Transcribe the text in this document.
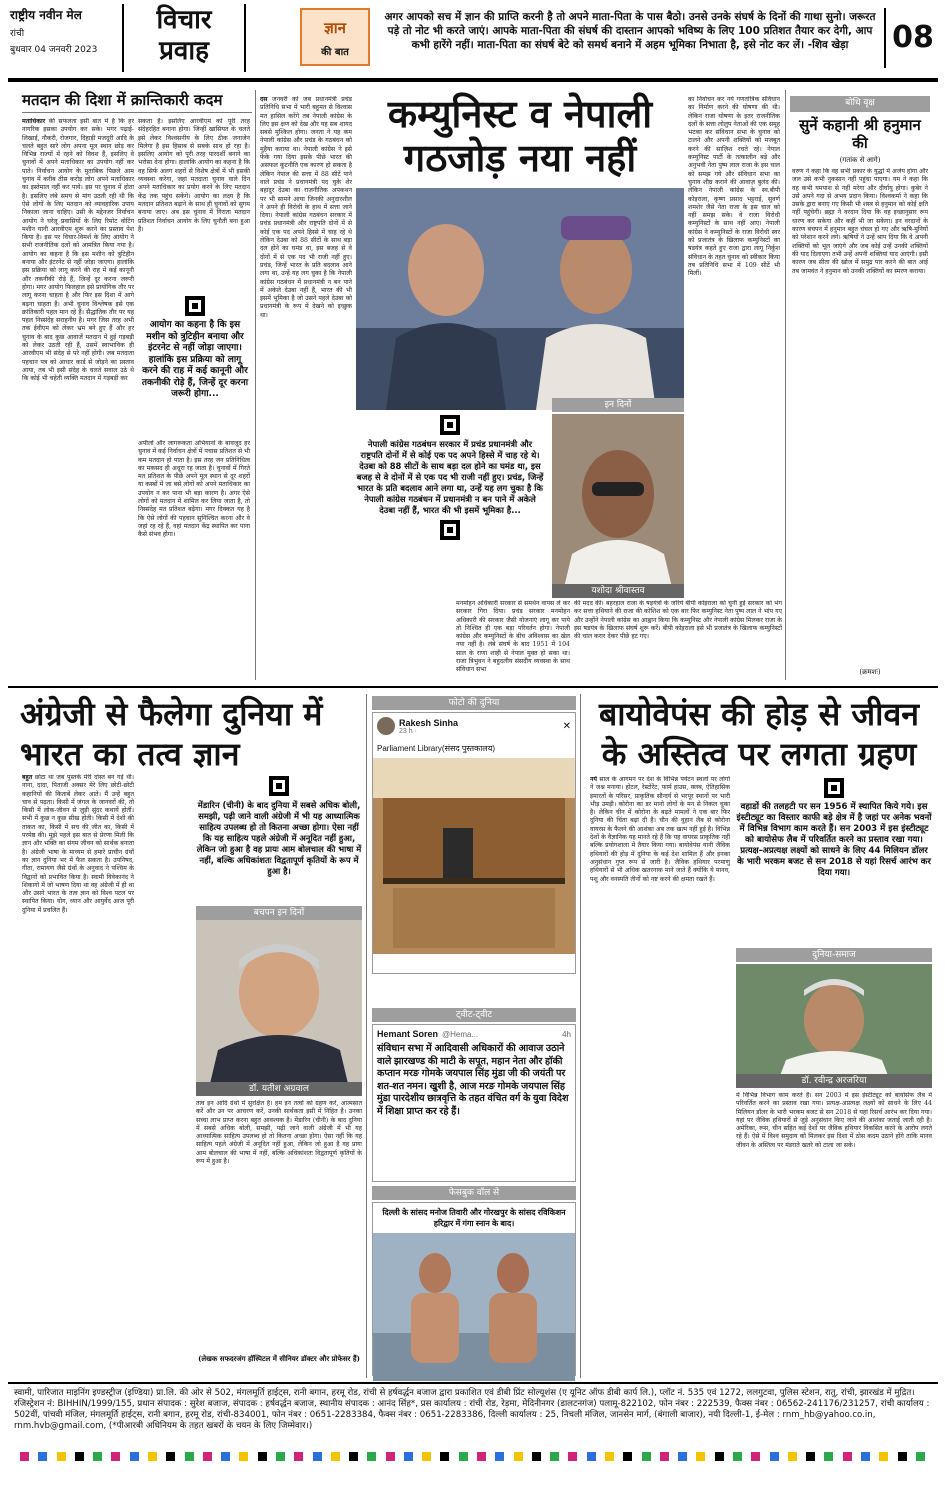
राष्ट्रीय नवीन मेल
रांची
बुधवार 04 जनवरी 2023
विचार
प्रवाह
ज्ञान
की बात
अगर आपको सच में ज्ञान की प्राप्ति करनी है तो अपने माता-पिता के पास बैठो। उनसे उनके संघर्ष के दिनों की गाथा सुनो। जरूरत पड़े तो नोट भी करते जाएं। आपके माता-पिता की संघर्ष की दास्तान आपको भविष्य के लिए 100 प्रतिशत तैयार कर देगी, आप कभी हारेंगे नहीं। माता-पिता का संघर्ष बेटे को समर्थ बनाने में अहम भूमिका निभाता है, इसे नोट कर लें। -शिव खेड़ा	08
मतदान की दिशा में क्रान्तिकारी कदम
मताधिकार की सफलता इसी बात में है कि हर नागरिक इसका उपयोग कर सके। मगर पढ़ाई-लिखाई, नौकरी, रोजगार, दिहाड़ी मजदूरी आदि के चलते बहुत सारे लोग अपना मूल स्थान छोड़ कर विभिन्न राज्यों में रहने को विवश हैं, इसलिए वे चुनावों में अपने मताधिकार का उपयोग नहीं कर पाते। निर्वाचन आयोग के मुताबिक पिछले आम चुनाव में करीब तीस करोड़ लोग अपने मताधिकार का इस्तेमाल नहीं कर पाये। इस पर चुनाव में होता है। इसलिए लंबे समय से मांग उठती रही थी कि ऐसे लोगों के लिए मतदान को व्यावहारिक उपाय निकाला जाना चाहिए। उसी के मद्देनजर निर्वाचन आयोग ने घरेलू प्रवासियों के लिए रिमोट वोटिंग मशीन यानी आरवीएम शुरू करने का प्रस्ताव पेश किया है। इस पर विचार-विमर्श के लिए आयोग ने सभी राजनीतिक दलों को आमंत्रित किया गया है। आयोग का कहना है कि इस मशीन को त्रुटिहीन बनाया और इंटरनेट से नहीं जोड़ा जाएगा। हालांकि इस प्रक्रिया को लागू करने की राह में कई कानूनी और तकनीकी रोड़े हैं, जिन्हें दूर करना जरूरी होगा। मगर आयोग फिलहाल इसे प्रायोगिक तौर पर लागू करना चाहता है और फिर इस दिशा में आगे बढ़ना चाहता है। अभी चुनाव विश्लेषक इसे एक क्रांतिकारी पहल मान रहे हैं। सैद्धांतिक तौर पर यह पहल निस्संदेह सराहनीय है। मगर जिस तरह अभी तक ईवीएम को लेकर भ्रम बने हुए हैं और हर चुनाव के बाद कुछ आवाजें मतदान में हुई गड़बड़ी को लेकर उठती रही हैं, उसमें स्वाभाविक ही आरवीएम भी संदेह से परे नहीं होगी। जब मतदाता पहचान पत्र को आधार कार्ड से जोड़ने का प्रस्ताव आया, तब भी इसी संदेह के चलते सवाल उठे थे कि कोई भी चहेती व्यक्ति मतदान में गड़बड़ी कर
सकता है। इसलिए आरवीएम को पूरी तरह संदेहरहित बनाना होगा। जिन्हीं खासियत के चलते इसे लेकर विश्वसनीय के लिए ठीक जनाजेन मिलेगा है इस हिसाब से सबके साथ हो रहा है। इसलिए आयोग को पूरी तरह पारदर्शी बनाने का भरोसा देना होगा। हालांकि आयोग का कहना है कि वह सिर्फ अलग शहरों से विशेष क्षेत्रों में भी इसकी व्यवस्था करेगा, जहां मतदाता चुनाव वाले दिन अपने मताधिकार का प्रयोग करने के लिए मतदान केंद्र तक पहुंच सकेंगे। आयोग का लक्ष्य है कि मतदान प्रतिशत बढ़ाने के साथ ही चुनावों को सुगम बनाया जाए। अब इस चुनाव में गिराता मतदान प्रतिशत निर्वाचन आयोग के लिए चुनौती बना हुआ है।
आयोग का कहना है कि इस मशीन को त्रुटिहीन बनाया और इंटरनेट से नहीं जोड़ा जाएगा। हालांकि इस प्रक्रिया को लागू करने की राह में कई कानूनी और तकनीकी रोड़े हैं, जिन्हें दूर करना जरूरी होगा...
अपीलों और जागरूकता अभियानों के बावजूद हर चुनाव में कई निर्वाचन क्षेत्रों में पचास प्रतिशत से भी कम मतदान हो पाता है। इस तरह जन प्रतिनिधित्व का मकसद ही अधूरा रह जाता है। चुनावों में गिरते मत प्रतिशत के पीछे अपने मूल स्थान से दूर शहरों या कस्बों में जा बसे लोगों को अपने मताधिकार का उपयोग न कर पाना भी बड़ा कारण है। अगर ऐसे लोगों को मतदान में शामिल कर लिया जाता है, तो निस्संदेह मत प्रतिशत बढ़ेगा। मगर दिक्कत यह है कि ऐसे लोगों की पहचान सुनिश्चित करना और वे जहां रह रहे हैं, वहां मतदान केंद्र स्थापित कर पाना कैसे संभव होगा।
दस जनवरी को जब प्रधानमंत्री प्रचंड प्रतिनिधि सभा में भारी बहुमत से विश्वास मत हासिल करेंगे तब नेपाली कांग्रेस के लिए इस क्षण को देख और यह सब शायद सबसे मुश्किल होगा। जनता ने यह कम नेपाली कांग्रेस और प्रचंड के गठबंधन को मुहैया कराया था। नेपाली कांग्रेस ने इसे फेंके गया दिया इसके पीछे भारत की असफल कूटनीति एक कारण हो सकता है लेकिन नेपाल की सत्ता में 88 सीटें पाने वाले प्रचंड ने प्रधानमंत्री पद चुके शेर बहादुर देउबा का राजनीतिक अपकथन पर भी सामने आया जिनकी अनुदारशील ने अपने ही विरोधी के हाथ में सत्ता जाने दिया। नेपाली कांग्रेस गठबंधन सरकार में प्रचंड प्रधानमंत्री और राष्ट्रपति दोनों में से कोई एक पद अपने हिस्से में चाह रहे थे लेकिन देउबा को 88 सीटों के साथ बड़ा दल होने का घमंड था, इस बजह से वे दोनों में से एक पद भी राजी नहीं हुए। प्रचंड, जिन्हें भारत के प्रति बदलाव आने लगा था, उन्हें यह लग चुका है कि नेपाली कांग्रेस गठबंधन में प्रधानमंत्री न बन पाने में अकेले देउबा नहीं हैं, भारत की भी इसमें भूमिका है जो उसने पहले देउबा को प्रधानमंत्री के रूप में देखने को इच्छुक था।
कम्युनिस्ट व नेपाली
गठजोड़ नया नहीं
नेपाली कांग्रेस गठबंधन सरकार में प्रचंड प्रधानमंत्री और राष्ट्रपति दोनों में से कोई एक पद अपने हिस्से में चाह रहे थे। देउबा को 88 सीटों के साथ बड़ा दल होने का घमंड था, इस बजह से वे दोनों में से एक पद भी राजी नहीं हुए। प्रचंड, जिन्हें भारत के प्रति बदलाव आने लगा था, उन्हें यह लग चुका है कि नेपाली कांग्रेस गठबंधन में प्रधानमंत्री न बन पाने में अकेले देउबा नहीं हैं, भारत की भी इसमें भूमिका है...
इन दिनों
यशोदा श्रीवास्तव
मनमोहन अधिकारी सरकार से समर्थन वापस ले कर सरकार गिरा दिया। प्रचंड सरकार मनमोहन अधिकारी की सरकार जैसी योजनाएं लागू कर पाये तो निश्चित ही एक बड़ा परिवर्तन होगा। नेपाली कांग्रेस और कम्युनिस्टों के बीच अविश्वास का खेल नया नहीं है। लंबे संघर्ष के बाद 1951 में 104 साल के राणा शाही से नेपाल मुक्त हो सका था। राजा त्रिभुवन ने बहुदलीय संसदीय व्यवस्था के साथ संविधान सभा
की मदद की। बहरहाल राजा के षड़यंत्रों के जरिये बीपी कोइराला को चुनी हुई सरकार को भंग कर सत्ता हथियाने की राजा की कोशिश को एक बार फिर कम्युनिस्ट नेता पुष्प लाल ने भांप गए और उन्होंने नेपाली कांग्रेस का आह्वान किया कि कम्युनिस्ट और नेपाली कांग्रेस मिलकर राजा के इस षडयंत्र के खिलाफ संघर्ष शुरू करें। बीपी कोइराला इसे भी प्रजातंत्र के खिलाफ कम्युनिस्टों की चाल करार देकर पीछे हट गए।
का निर्वाचन कर नये गणतांत्रिक संविधान का निर्माण करने की घोषणा की थी। लेकिन राजा घोषणा के इतर राजनीतिक दलों के सत्ता लोलुप नेताओं की एक समूह भटका कर संविधान सभा के चुनाव को टालने और अपनी शक्तियों को मजबूत करने की साज़िश रचते रहे। नेपाल कम्युनिस्ट पार्टी के तत्कालीन बड़े और अनुभवी नेता पुष्प लाल राजा के इस चाल को समझ गये और संविधान सभा का चुनाव शीघ्र कराने की आवाज़ बुलंद की। लेकिन नेपाली कांग्रेस के स्व.बीपी कोइराला, कृष्ण प्रसाद भट्टराई, सुवर्ण शमशेर जैसे नेता राजा के इस चाल को नहीं समझ सके। वे राजा विरोधी कम्युनिस्टों के साथ नहीं आए। नेपाली कांग्रेस ने कम्युनिस्टों के राजा विरोधी स्वर को प्रजातंत्र के खिलाफ कम्युनिस्टों का षडयंत्र कहते हुए राजा द्वारा लागू निर्कुश संविधान के तहत चुनाव को स्वीकार किया तब प्रतिनिधि सभा में 109 सीटें भी मिलीं।
बोधि वृक्ष
सुनें कहानी श्री हनुमान की
(गतांक से आगे)
वरुण ने कहा कि वह सभी प्रकार के युद्धों में अजेय होगा और जल उसे कभी नुकसान नहीं पहुंचा पाएगा। यम ने कहा कि वह कभी यमपाश से नहीं मरेगा और दीर्घायु होगा। कुबेर ने उसे अपने गदा से अभय प्रदान किया। विश्वकर्मा ने कहा कि उसके द्वारा बनाए गए किसी भी शस्त्र से हनुमान को कोई क्षति नहीं पहुंचेगी। ब्रह्मा ने वरदान दिया कि वह इच्छानुसार रूप धारण कर सकेगा और कहीं भी जा सकेगा। इन वरदानों के कारण बचपन में हनुमान बहुत चंचल हो गए और ऋषि-मुनियों को परेशान करने लगे। ऋषियों ने उन्हें श्राप दिया कि वे अपनी शक्तियों को भूल जाएंगे और जब कोई उन्हें उनकी शक्तियों की याद दिलाएगा तभी उन्हें अपनी शक्तियां याद आएंगी। इसी कारण जब सीता की खोज में समुद्र पार करने की बात आई तब जामवंत ने हनुमान को उनकी शक्तियों का स्मरण कराया।
(क्रमशः)
अंग्रेजी से फैलेगा दुनिया में
भारत का तत्व ज्ञान
बहुत छोटा था जब पुस्तकें मेरी दोस्त बन गई थीं। नाना, दादा, पिताजी अक्सर मेरे लिए छोटी-छोटी कहानियों की किताबें लेकर आते। मैं उन्हें बहुत चाव से पढ़ता। किसी में जंगल के जानवरों की, तो किसी में लोक-जीवन से जुड़ी सुंदर कथायें होतीं। सभी में कुछ न कुछ सीख होती। किसी में देशी की ताकत का, किसी में सच की जीत का, किसी में परमेष्ठ की। मुझे पहले इस बात से प्रेरणा मिली कि ज्ञान और भक्ति का संगम जीवन को सार्थक बनाता है। अंग्रेजी भाषा के माध्यम से हमारे प्राचीन ग्रंथों का ज्ञान दुनिया भर में फैल सकता है। उपनिषद, गीता, रामायण जैसे ग्रंथों के अनुवाद ने पश्चिम के विद्वानों को प्रभावित किया है। स्वामी विवेकानंद ने शिकागो में जो भाषण दिया था वह अंग्रेजी में ही था और उसने भारत के तत्व ज्ञान को विश्व पटल पर स्थापित किया। योग, ध्यान और आयुर्वेद आज पूरी दुनिया में प्रचलित हैं।
मेंडारिन (चीनी) के बाद दुनिया में सबसे अधिक बोली, समझी, पढ़ी जाने वाली अंग्रेजी में भी यह आध्यात्मिक साहित्य उपलब्ध हो तो कितना अच्छा होगा। ऐसा नहीं कि यह साहित्य पहले अंग्रेजी में अनूदित नहीं हुआ, लेकिन जो हुआ है वह प्रायः आम बोलचाल की भाषा में नहीं, बल्कि अधिकांशतः विद्वतापूर्ण कृतियों के रूप में हुआ है।
बचपन इन दिनों
डॉ. यतीश अग्रवाल
तत्व इन आदि ग्रंथों में सुरक्षित है। हम इन तत्वों को ग्रहण करें, आत्मसात करें और उन पर आचरण करें, उनकी सार्थकता इसी में निहित है। उनका सच्चा लाभ प्राप्त करना बहुत आवश्यक है। मेंडारिन (चीनी) के बाद दुनिया में सबसे अधिक बोली, समझी, पढ़ी जाने वाली अंग्रेजी में भी यह आध्यात्मिक साहित्य उपलब्ध हो तो कितना अच्छा होगा। ऐसा नहीं कि यह साहित्य पहले अंग्रेजी में अनूदित नहीं हुआ, लेकिन जो हुआ है वह प्रायः आम बोलचाल की भाषा में नहीं, बल्कि अधिकांशतः विद्वतापूर्ण कृतियों के रूप में हुआ है।
(लेखक सफदरजंग हॉस्पिटल में सीनियर डॉक्टर और प्रोफेसर हैं)
फोटो की दुनिया
Rakesh Sinha
23 h ·	✕
Parliament Library(संसद पुस्तकालय)
ट्वीट-ट्वीट
Hemant Soren @Hema...	4h
संविधान सभा में आदिवासी अधिकारों की आवाज उठाने वाले झारखण्ड की माटी के सपूत, महान नेता और हॉकी कप्तान मरङ गोमके जयपाल सिंह मुंडा जी की जयंती पर शत-शत नमन। खुशी है, आज मरङ गोमके जयपाल सिंह मुंडा पारदेशीय छात्रवृत्ति के तहत वंचित वर्ग के युवा विदेश में शिक्षा प्राप्त कर रहे हैं।
फेसबुक वॉल से
दिल्ली के सांसद मनोज तिवारी और गोरखपुर के सांसद रविकिशन हरिद्वार में गंगा स्नान के बाद।
बायोवेपंस की होड़ से जीवन
के अस्तित्व पर लगता ग्रहण
नये साल के आगमन पर देश के विभिन्न पर्यटन स्थलों पर लोगों ने जश्न मनाया। होटल, रेस्टोरेंट, फार्म हाउस, क्लब, ऐतिहासिक इमारतों के परिसर, प्राकृतिक सौन्दर्य से भरपूर स्थानों पर भारी भीड़ उमड़ी। कोरोना का डर मानो लोगों के मन से निकल चुका है। लेकिन चीन में कोरोना के बढ़ते मामलों ने एक बार फिर दुनिया की चिंता बढ़ा दी है। चीन की वुहान लैब से कोरोना वायरस के फैलने की आशंका अब तक खत्म नहीं हुई है। विभिन्न देशों के वैज्ञानिक यह मानते रहे हैं कि यह वायरस प्राकृतिक नहीं बल्कि प्रयोगशाला में तैयार किया गया। बायोवेपंस यानी जैविक हथियारों की होड़ में दुनिया के कई देश शामिल हैं और इनका अनुसंधान गुप्त रूप से जारी है। जैविक हथियार परमाणु हथियारों से भी अधिक खतरनाक माने जाते हैं क्योंकि ये मानव, पशु और वनस्पति तीनों को नष्ट करने की क्षमता रखते हैं।
वहाडों की तलहटी पर सन 1956 में स्थापित किये गये। इस इंस्टीट्यूट का विस्तार काफी बड़े क्षेत्र में है जहां पर अनेक भवनों में विभिन्न विभाग काम करते हैं। सन 2003 में इस इंस्टीट्यूट को बायोसेफ लैब में परिवर्तित करने का प्रस्ताव रखा गया। प्रत्यक्ष-अप्रत्यक्ष लक्ष्यों को साधने के लिए 44 मिलियन डॉलर के भारी भरकम बजट से सन 2018 से यहां रिसर्च आरंभ कर दिया गया।
दुनिया-समाज
डॉ. रवीन्द्र अरजरिया
में विभिन्न विभाग काम करते हैं। सन 2003 में इस इंस्टीट्यूट को बायोसेफ लैब में परिवर्तित करने का प्रस्ताव रखा गया। प्रत्यक्ष-अप्रत्यक्ष लक्ष्यों को साधने के लिए 44 मिलियन डॉलर के भारी भरकम बजट से सन 2018 से यहां रिसर्च आरंभ कर दिया गया। यहां पर जैविक हथियारों से जुड़े अनुसंधान किए जाने की आशंका जताई जाती रही है। अमेरिका, रूस, चीन सहित कई देशों पर जैविक हथियार विकसित करने के आरोप लगते रहे हैं। ऐसे में विश्व समुदाय को मिलकर इस दिशा में ठोस कदम उठाने होंगे ताकि मानव जीवन के अस्तित्व पर मंडराते खतरे को टाला जा सके।
स्वामी, पारिजात माइनिंग इण्डस्ट्रीज (इण्डिया) प्रा.लि. की ओर से 502, मंगलमूर्ति हाईट्स, रानी बगान, हरमू रोड, रांची से हर्षवर्द्धन बजाज द्वारा प्रकाशित एवं डीबी प्रिंट सोल्यूशंस (ए यूनिट ऑफ डीबी कार्प लि.), प्लॉट नं. 535 एवं 1272, ललगुटवा, पुलिस स्टेशन, रातु, रांची, झारखंड में मुद्रित। रजिस्ट्रेशन नं: BIHHIN/1999/155, प्रधान संपादक : सुरेश बजाज, संपादक : हर्षवर्द्धन बजाज, स्थानीय संपादक : आनंद सिंह*, प्रस कार्यालय : रांची रोड, रेड़मा, मेदिनीनगर (डालटनगंज) पलामू-822102, फोन नंबर : 222539, फैक्स नंबर : 06562-241176/231257, रांची कार्यालय : 502वीं, पांचवी मंजिल, मंगलमूर्ति हाईट्स, रानी बगान, हरमू रोड, रांची-834001, फोन नंबर : 0651-2283384, फैक्स नंबर : 0651-2283386, दिल्ली कार्यालय : 25, निचली मंजिल, जानसेन मार्ग, (बंगाली बाजार), नयी दिल्ली-1, ई-मेल : rnm_hb@yahoo.co.in, rnm.hvb@gmail.com, (*पीआरबी अधिनियम के तहत खबरों के चयन के लिए जिम्मेवार।)
